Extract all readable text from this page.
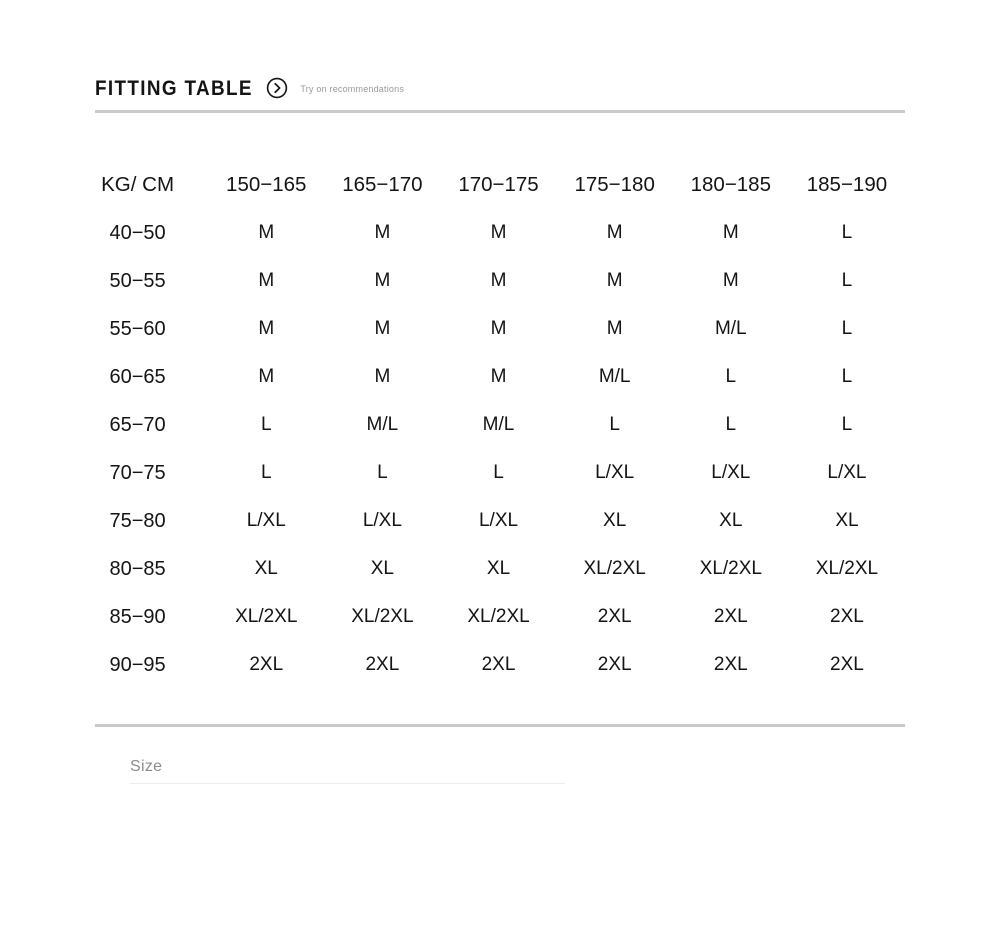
FITTING TABLE	Try on recommendations
KG/ CM	150−165	165−170	170−175	175−180	180−185	185−190
40−50	M	M	M	M	M	L
50−55	M	M	M	M	M	L
55−60	M	M	M	M	M/L	L
60−65	M	M	M	M/L	L	L
65−70	L	M/L	M/L	L	L	L
70−75	L	L	L	L/XL	L/XL	L/XL
75−80	L/XL	L/XL	L/XL	XL	XL	XL
80−85	XL	XL	XL	XL/2XL	XL/2XL	XL/2XL
85−90	XL/2XL	XL/2XL	XL/2XL	2XL	2XL	2XL
90−95	2XL	2XL	2XL	2XL	2XL	2XL
Size
